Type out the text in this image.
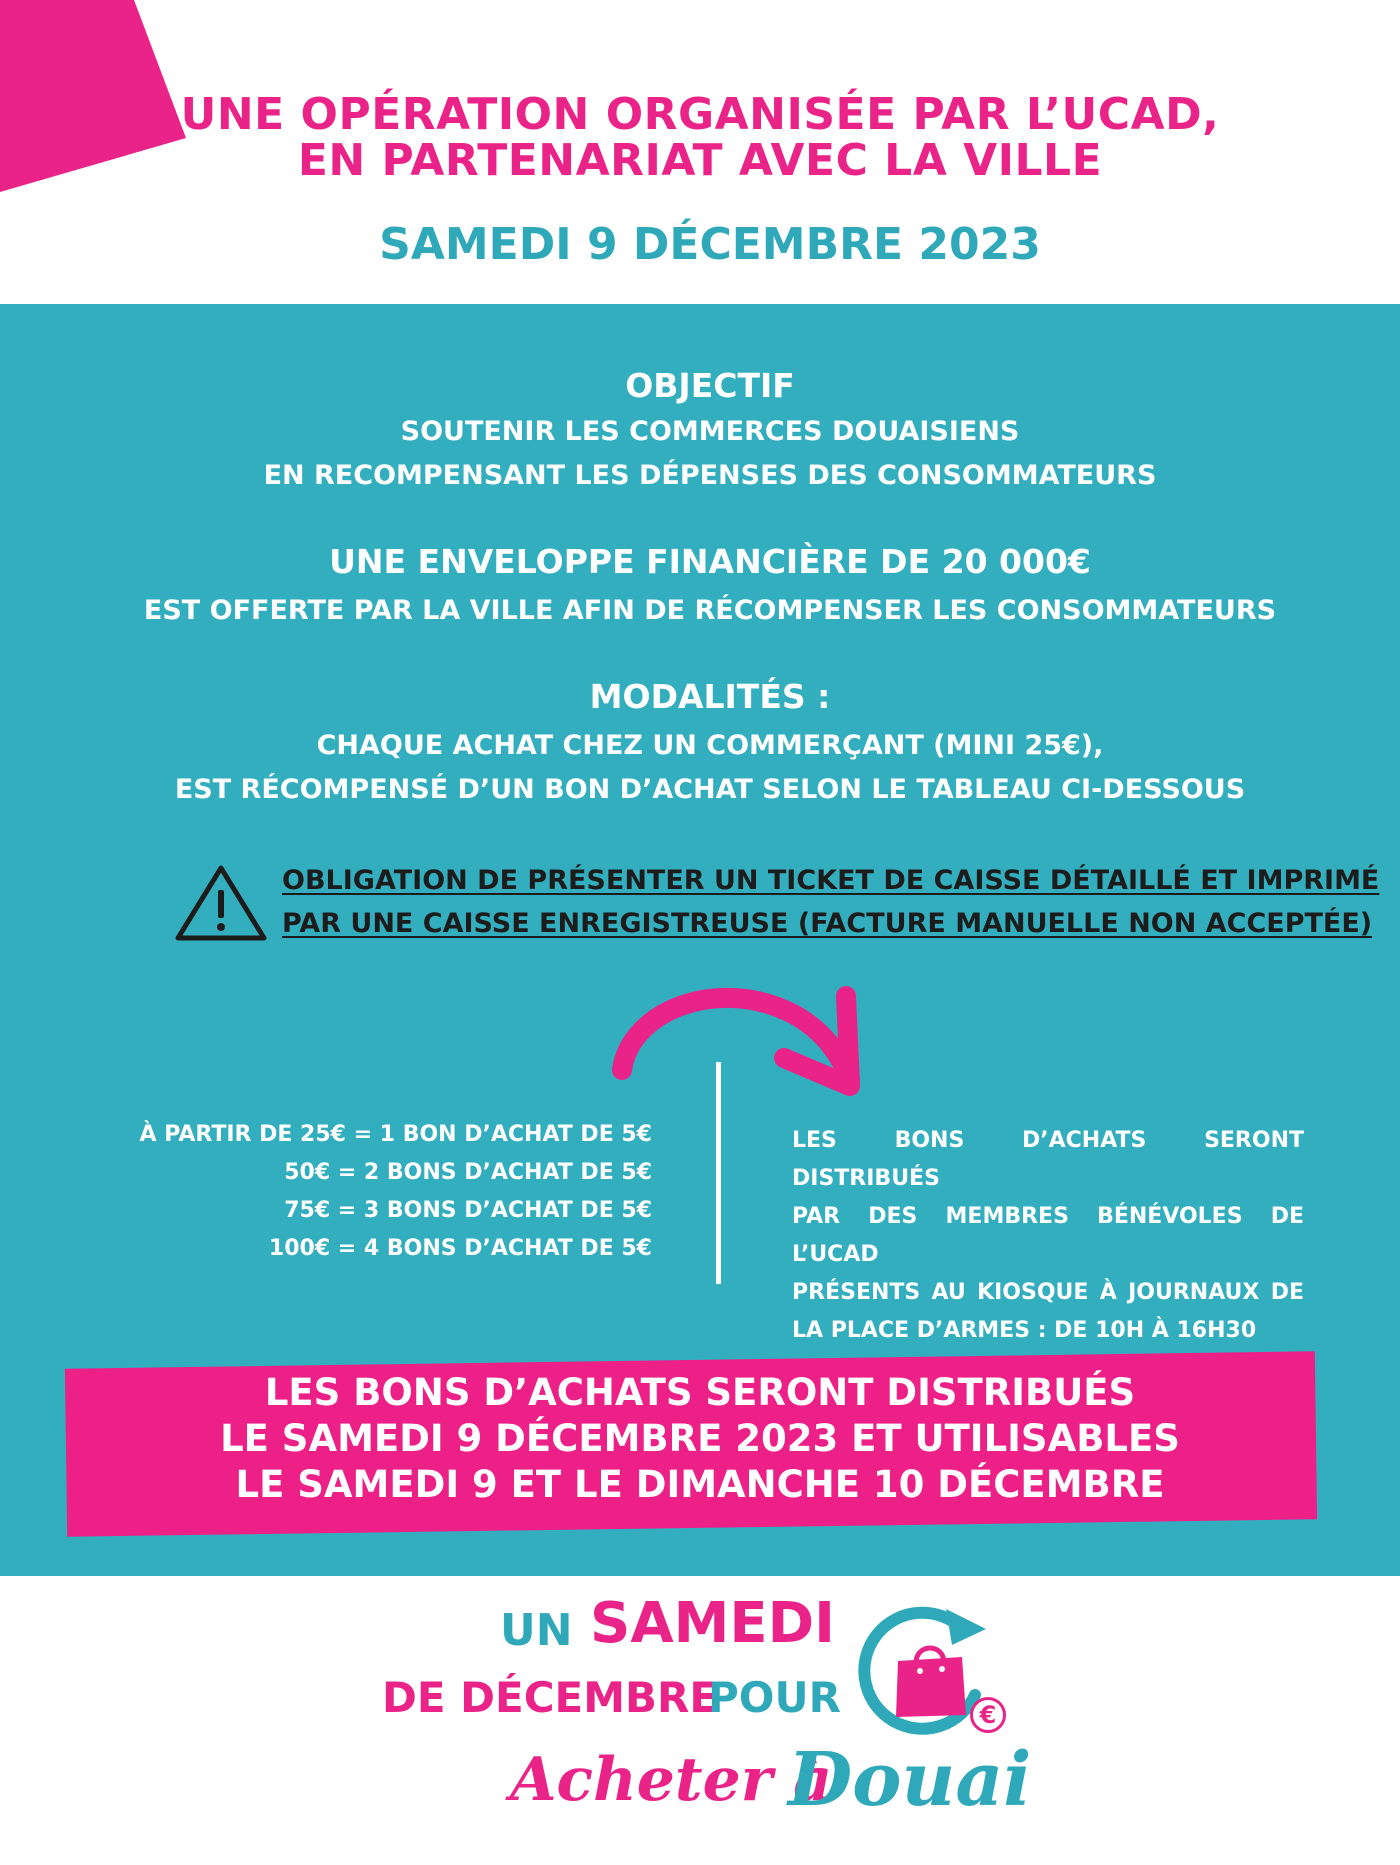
UNE OPÉRATION ORGANISÉE PAR L’UCAD,
EN PARTENARIAT AVEC LA VILLE
SAMEDI 9 DÉCEMBRE 2023
OBJECTIF
SOUTENIR LES COMMERCES DOUAISIENS
EN RECOMPENSANT LES DÉPENSES DES CONSOMMATEURS
UNE ENVELOPPE FINANCIÈRE DE 20 000€
EST OFFERTE PAR LA VILLE AFIN DE RÉCOMPENSER LES CONSOMMATEURS
MODALITÉS :
CHAQUE ACHAT CHEZ UN COMMERÇANT (MINI 25€),
EST RÉCOMPENSÉ D’UN BON D’ACHAT SELON LE TABLEAU CI-DESSOUS
OBLIGATION DE PRÉSENTER UN TICKET DE CAISSE DÉTAILLÉ ET IMPRIMÉ
PAR UNE CAISSE ENREGISTREUSE (FACTURE MANUELLE NON ACCEPTÉE)
À PARTIR DE 25€ = 1 BON D’ACHAT DE 5€
50€ = 2 BONS D’ACHAT DE 5€
75€ = 3 BONS D’ACHAT DE 5€
100€ = 4 BONS D’ACHAT DE 5€
LES BONS D’ACHATS SERONT DISTRIBUÉS
PAR DES MEMBRES BÉNÉVOLES DE L’UCAD
PRÉSENTS AU KIOSQUE À JOURNAUX DE
LA PLACE D’ARMES : DE 10H À 16H30
LES BONS D’ACHATS SERONT DISTRIBUÉS
LE SAMEDI 9 DÉCEMBRE 2023 ET UTILISABLES
LE SAMEDI 9 ET LE DIMANCHE 10 DÉCEMBRE
UN SAMEDI
DE DÉCEMBRE
POUR
Acheter à
Douai
€
